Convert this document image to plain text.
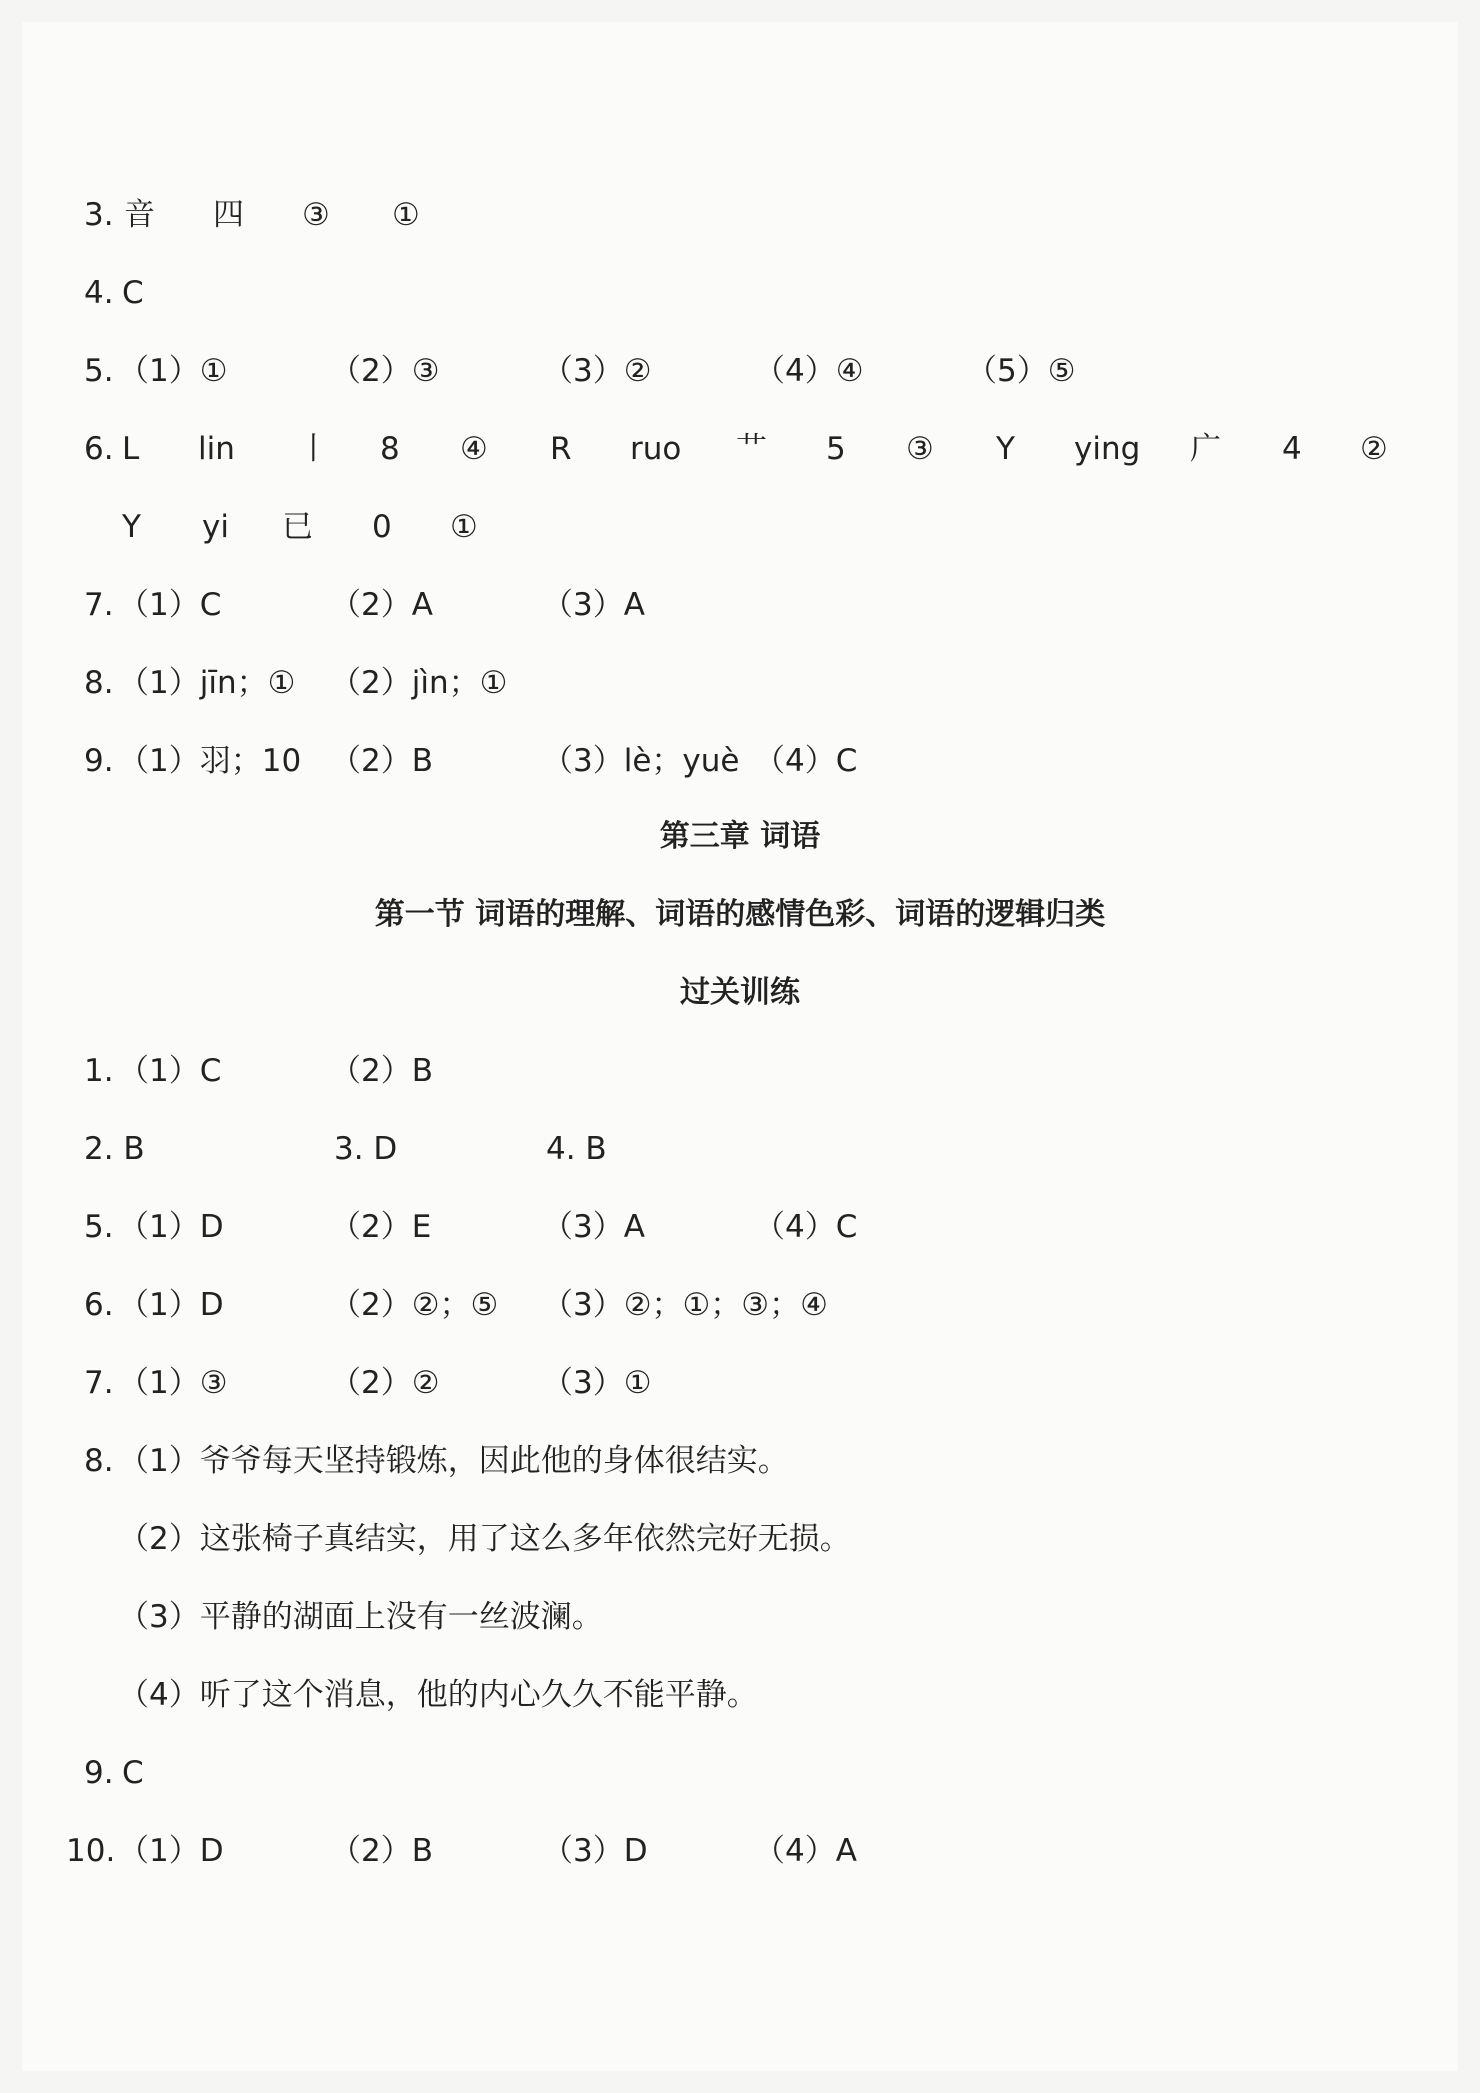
3. 音 四 ③ ①
4. C
5. （1）①	（2）③	（3）②	（4）④	（5）⑤
6. L lin 丨 8 ④ R ruo 艹 5 ③ Y ying 广 4 ②
Y yi 已 0 ①
7. （1）C	（2）A	（3）A
8. （1）jīn；① （2）jìn；①
9. （1）羽；10 （2）B	（3）lè；yuè （4）C
第三章 词语
第一节 词语的理解、词语的感情色彩、词语的逻辑归类
过关训练
1. （1）C	（2）B
2. B	3. D	4. B
5. （1）D	（2）E	（3）A	（4）C
6. （1）D	（2）②；⑤ （3）②；①；③；④
7. （1）③	（2）②	（3）①
8. （1）爷爷每天坚持锻炼，因此他的身体很结实。
（2）这张椅子真结实，用了这么多年依然完好无损。
（3）平静的湖面上没有一丝波澜。
（4）听了这个消息，他的内心久久不能平静。
9. C
10. （1）D	（2）B	（3）D	（4）A
